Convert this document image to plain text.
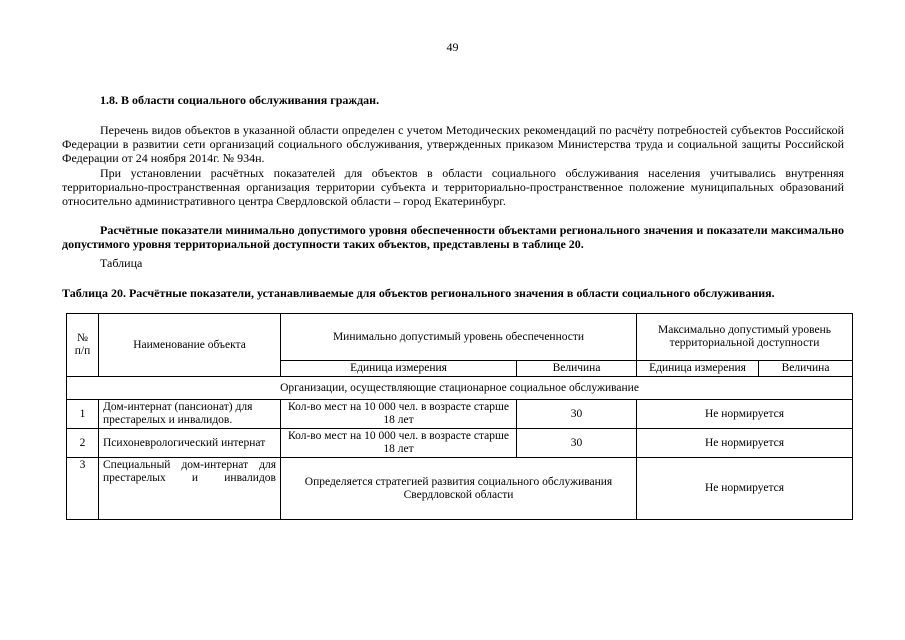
49
1.8. В области социального обслуживания граждан.
Перечень видов объектов в указанной области определен с учетом Методических рекомендаций по расчёту потребностей субъектов Российской Федерации в развитии сети организаций социального обслуживания, утвержденных приказом Министерства труда и социальной защиты Российской Федерации от 24 ноября 2014г. № 934н.
При установлении расчётных показателей для объектов в области социального обслуживания населения учитывались внутренняя территориально-пространственная организация территории субъекта и территориально-пространственное положение муниципальных образований относительно административного центра Свердловской области – город Екатеринбург.
Расчётные показатели минимально допустимого уровня обеспеченности объектами регионального значения и показатели максимально допустимого уровня территориальной доступности таких объектов, представлены в таблице 20.
Таблица
Таблица 20. Расчётные показатели, устанавливаемые для объектов регионального значения в области социального обслуживания.
№ п/п	Наименование объекта	Минимально допустимый уровень обеспеченности		Максимально допустимый уровень территориальной доступности	
		Единица измерения	Величина	Единица измерения	Величина
Организации, осуществляющие стационарное социальное обслуживание					
1	Дом-интернат (пансионат) для престарелых и инвалидов.	Кол-во мест на 10 000 чел. в возрасте старше 18 лет	30	Не нормируется	
2	Психоневрологический интернат	Кол-во мест на 10 000 чел. в возрасте старше 18 лет	30	Не нормируется	
3	Специальный дом-интернат для престарелых и инвалидов	Определяется стратегией развития социального обслуживания Свердловской области		Не нормируется	
